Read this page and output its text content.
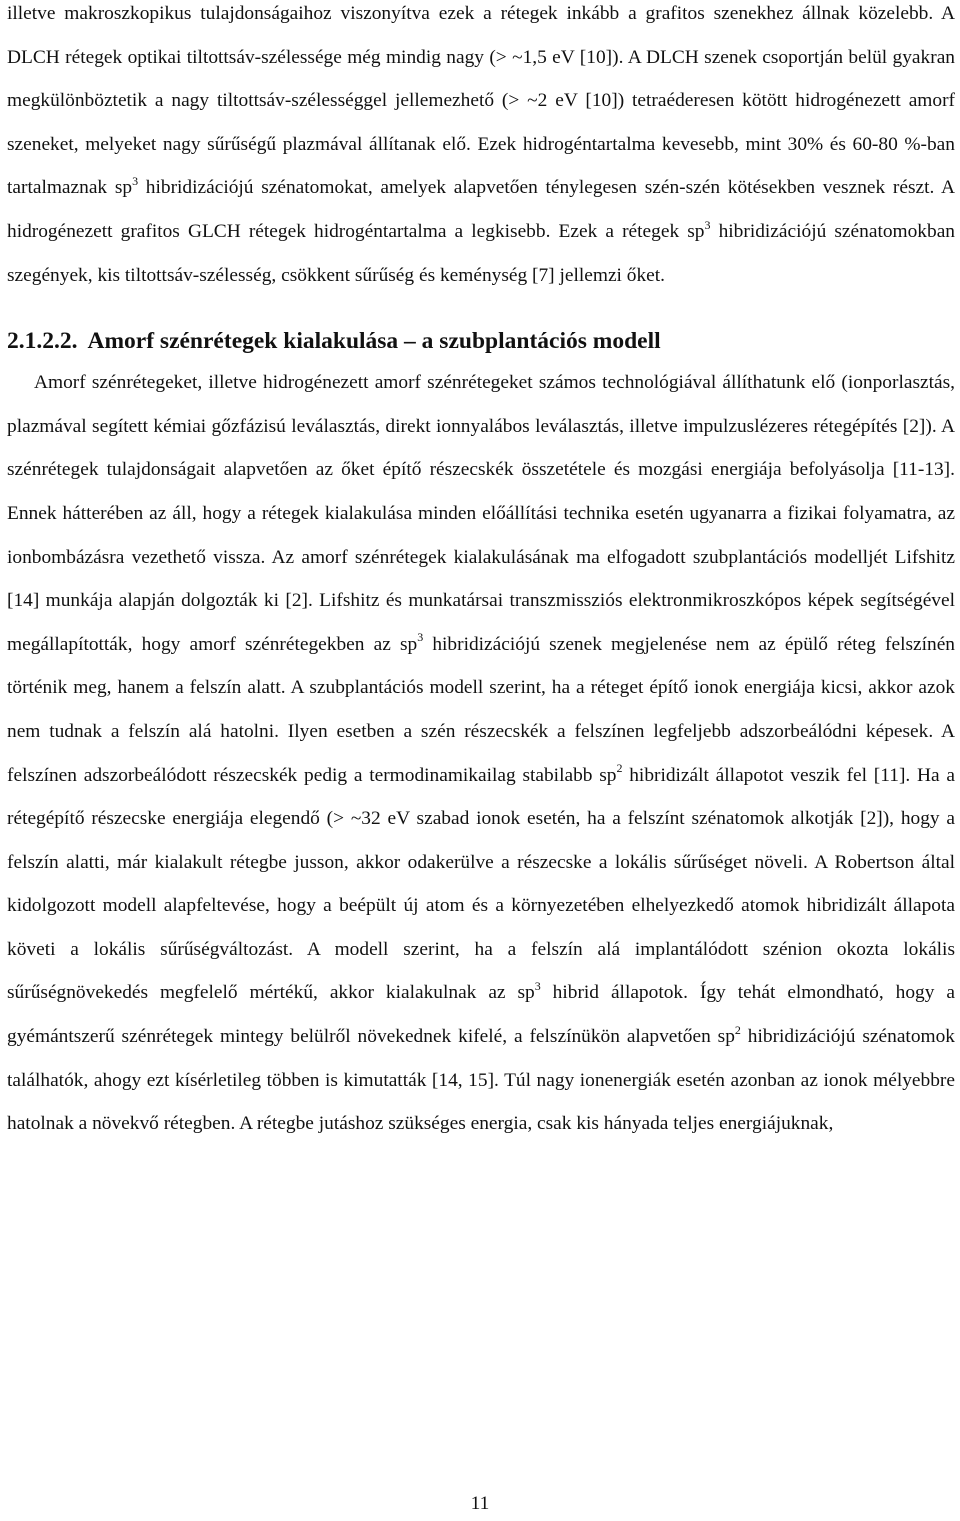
illetve makroszkopikus tulajdonságaihoz viszonyítva ezek a rétegek inkább a grafitos szenekhez állnak közelebb. A DLCH rétegek optikai tiltottsáv-szélessége még mindig nagy (> ~1,5 eV [10]). A DLCH szenek csoportján belül gyakran megkülönböztetik a nagy tiltottsáv-szélességgel jellemezhető (> ~2 eV [10]) tetraéderesen kötött hidrogénezett amorf szeneket, melyeket nagy sűrűségű plazmával állítanak elő. Ezek hidrogéntartalma kevesebb, mint 30% és 60-80 %-ban tartalmaznak $sp^3$ hibridizációjú szénatomokat, amelyek alapvetően ténylegesen szén-szén kötésekben vesznek részt. A hidrogénezett grafitos GLCH rétegek hidrogéntartalma a legkisebb. Ezek a rétegek $sp^3$ hibridizációjú szénatomokban szegények, kis tiltottsáv-szélesség, csökkent sűrűség és keménység [7] jellemzi őket.

2.1.2.2. Amorf szénrétegek kialakulása – a szubplantációs modell

Amorf szénrétegeket, illetve hidrogénezett amorf szénrétegeket számos technológiával állíthatunk elő (ionporlasztás, plazmával segített kémiai gőzfázisú leválasztás, direkt ionnyalábos leválasztás, illetve impulzuslézeres rétegépítés [2]). A szénrétegek tulajdonságait alapvetően az őket építő részecskék összetétele és mozgási energiája befolyásolja [11-13]. Ennek hátterében az áll, hogy a rétegek kialakulása minden előállítási technika esetén ugyanarra a fizikai folyamatra, az ionbombázásra vezethető vissza. Az amorf szénrétegek kialakulásának ma elfogadott szubplantációs modelljét Lifshitz [14] munkája alapján dolgozták ki [2]. Lifshitz és munkatársai transzmissziós elektronmikroszkópos képek segítségével megállapították, hogy amorf szénrétegekben az $sp^3$ hibridizációjú szenek megjelenése nem az épülő réteg felszínén történik meg, hanem a felszín alatt. A szubplantációs modell szerint, ha a réteget építő ionok energiája kicsi, akkor azok nem tudnak a felszín alá hatolni. Ilyen esetben a szén részecskék a felszínen legfeljebb adszorbeálódni képesek. A felszínen adszorbeálódott részecskék pedig a termodinamikailag stabilabb $sp^2$ hibridizált állapotot veszik fel [11]. Ha a rétegépítő részecske energiája elegendő (> ~32 eV szabad ionok esetén, ha a felszínt szénatomok alkotják [2]), hogy a felszín alatti, már kialakult rétegbe jusson, akkor odakerülve a részecske a lokális sűrűséget növeli. A Robertson által kidolgozott modell alapfeltevése, hogy a beépült új atom és a környezetében elhelyezkedő atomok hibridizált állapota követi a lokális sűrűségváltozást. A modell szerint, ha a felszín alá implantálódott szénion okozta lokális sűrűségnövekedés megfelelő mértékű, akkor kialakulnak az $sp^3$ hibrid állapotok. Így tehát elmondható, hogy a gyémántszerű szénrétegek mintegy belülről növekednek kifelé, a felszínükön alapvetően $sp^2$ hibridizációjú szénatomok találhatók, ahogy ezt kísérletileg többen is kimutatták [14, 15]. Túl nagy ionenergiák esetén azonban az ionok mélyebbre hatolnak a növekvő rétegben. A rétegbe jutáshoz szükséges energia, csak kis hányada teljes energiájuknak,

11
